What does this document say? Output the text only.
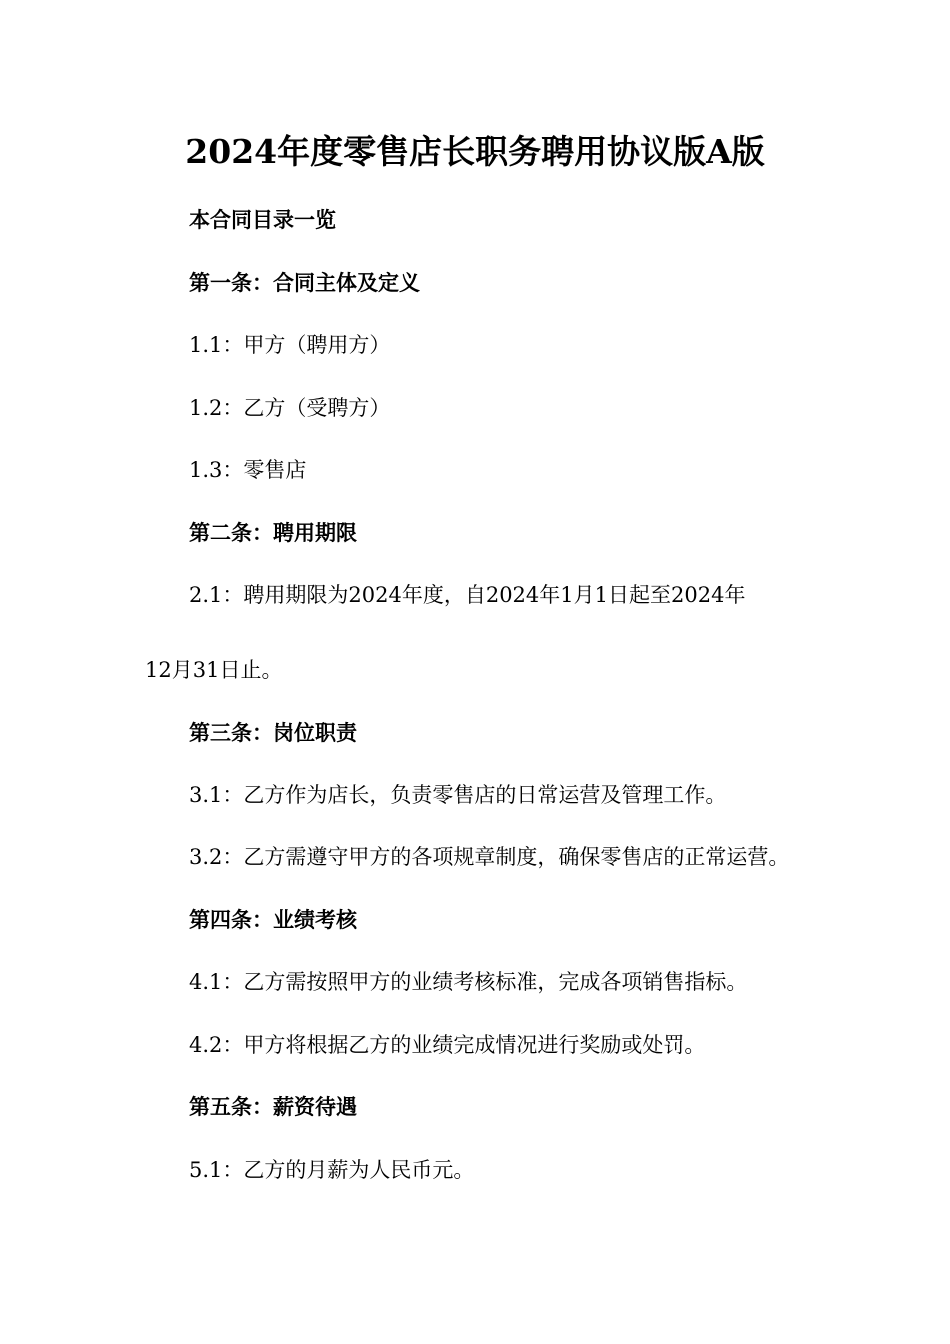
2024年度零售店长职务聘用协议版A版
本合同目录一览
第一条：合同主体及定义
1.1：甲方（聘用方）
1.2：乙方（受聘方）
1.3：零售店
第二条：聘用期限
2.1：聘用期限为2024年度，自2024年1月1日起至2024年
12月31日止。
第三条：岗位职责
3.1：乙方作为店长，负责零售店的日常运营及管理工作。
3.2：乙方需遵守甲方的各项规章制度，确保零售店的正常运营。
第四条：业绩考核
4.1：乙方需按照甲方的业绩考核标准，完成各项销售指标。
4.2：甲方将根据乙方的业绩完成情况进行奖励或处罚。
第五条：薪资待遇
5.1：乙方的月薪为人民币元。
